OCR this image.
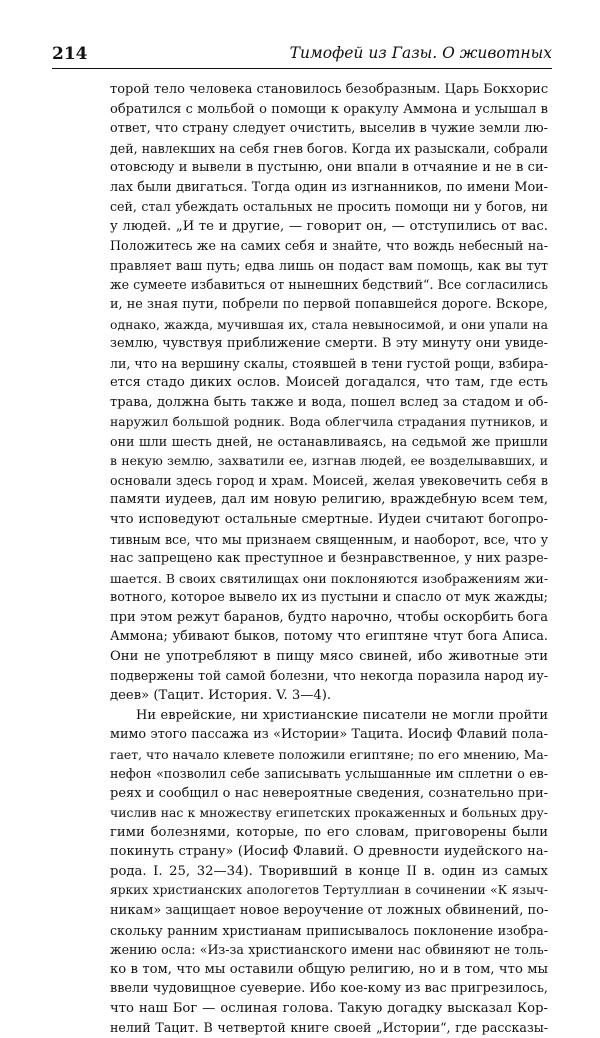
214	Тимофей из Газы. О животных
торой тело человека становилось безобразным. Царь Бокхорис
обратился с мольбой о помощи к оракулу Аммона и услышал в
ответ, что страну следует очистить, выселив в чужие земли лю-
дей, навлекших на себя гнев богов. Когда их разыскали, собрали
отовсюду и вывели в пустыню, они впали в отчаяние и не в си-
лах были двигаться. Тогда один из изгнанников, по имени Мои-
сей, стал убеждать остальных не просить помощи ни у богов, ни
у людей. „И те и другие, — говорит он, — отступились от вас.
Положитесь же на самих себя и знайте, что вождь небесный на-
правляет ваш путь; едва лишь он подаст вам помощь, как вы тут
же сумеете избавиться от нынешних бедствий“. Все согласились
и, не зная пути, побрели по первой попавшейся дороге. Вскоре,
однако, жажда, мучившая их, стала невыносимой, и они упали на
землю, чувствуя приближение смерти. В эту минуту они увиде-
ли, что на вершину скалы, стоявшей в тени густой рощи, взбира-
ется стадо диких ослов. Моисей догадался, что там, где есть
трава, должна быть также и вода, пошел вслед за стадом и об-
наружил большой родник. Вода облегчила страдания путников, и
они шли шесть дней, не останавливаясь, на седьмой же пришли
в некую землю, захватили ее, изгнав людей, ее возделывавших, и
основали здесь город и храм. Моисей, желая увековечить себя в
памяти иудеев, дал им новую религию, враждебную всем тем,
что исповедуют остальные смертные. Иудеи считают богопро-
тивным все, что мы признаем священным, и наоборот, все, что у
нас запрещено как преступное и безнравственное, у них разре-
шается. В своих святилищах они поклоняются изображениям жи-
вотного, которое вывело их из пустыни и спасло от мук жажды;
при этом режут баранов, будто нарочно, чтобы оскорбить бога
Аммона; убивают быков, потому что египтяне чтут бога Аписа.
Они не употребляют в пищу мясо свиней, ибо животные эти
подвержены той самой болезни, что некогда поразила народ иу-
деев» (Тацит. История. V. 3—4).
Ни еврейские, ни христианские писатели не могли пройти
мимо этого пассажа из «Истории» Тацита. Иосиф Флавий пола-
гает, что начало клевете положили египтяне; по его мнению, Ма-
нефон «позволил себе записывать услышанные им сплетни о ев-
реях и сообщил о нас невероятные сведения, сознательно при-
числив нас к множеству египетских прокаженных и больных дру-
гими болезнями, которые, по его словам, приговорены были
покинуть страну» (Иосиф Флавий. О древности иудейского на-
рода. I. 25, 32—34). Творивший в конце II в. один из самых
ярких христианских апологетов Тертуллиан в сочинении «К языч-
никам» защищает новое вероучение от ложных обвинений, по-
скольку ранним христианам приписывалось поклонение изобра-
жению осла: «Из-за христианского имени нас обвиняют не толь-
ко в том, что мы оставили общую религию, но и в том, что мы
ввели чудовищное суеверие. Ибо кое-кому из вас пригрезилось,
что наш Бог — ослиная голова. Такую догадку высказал Кор-
нелий Тацит. В четвертой книге своей „Истории“, где рассказы-
